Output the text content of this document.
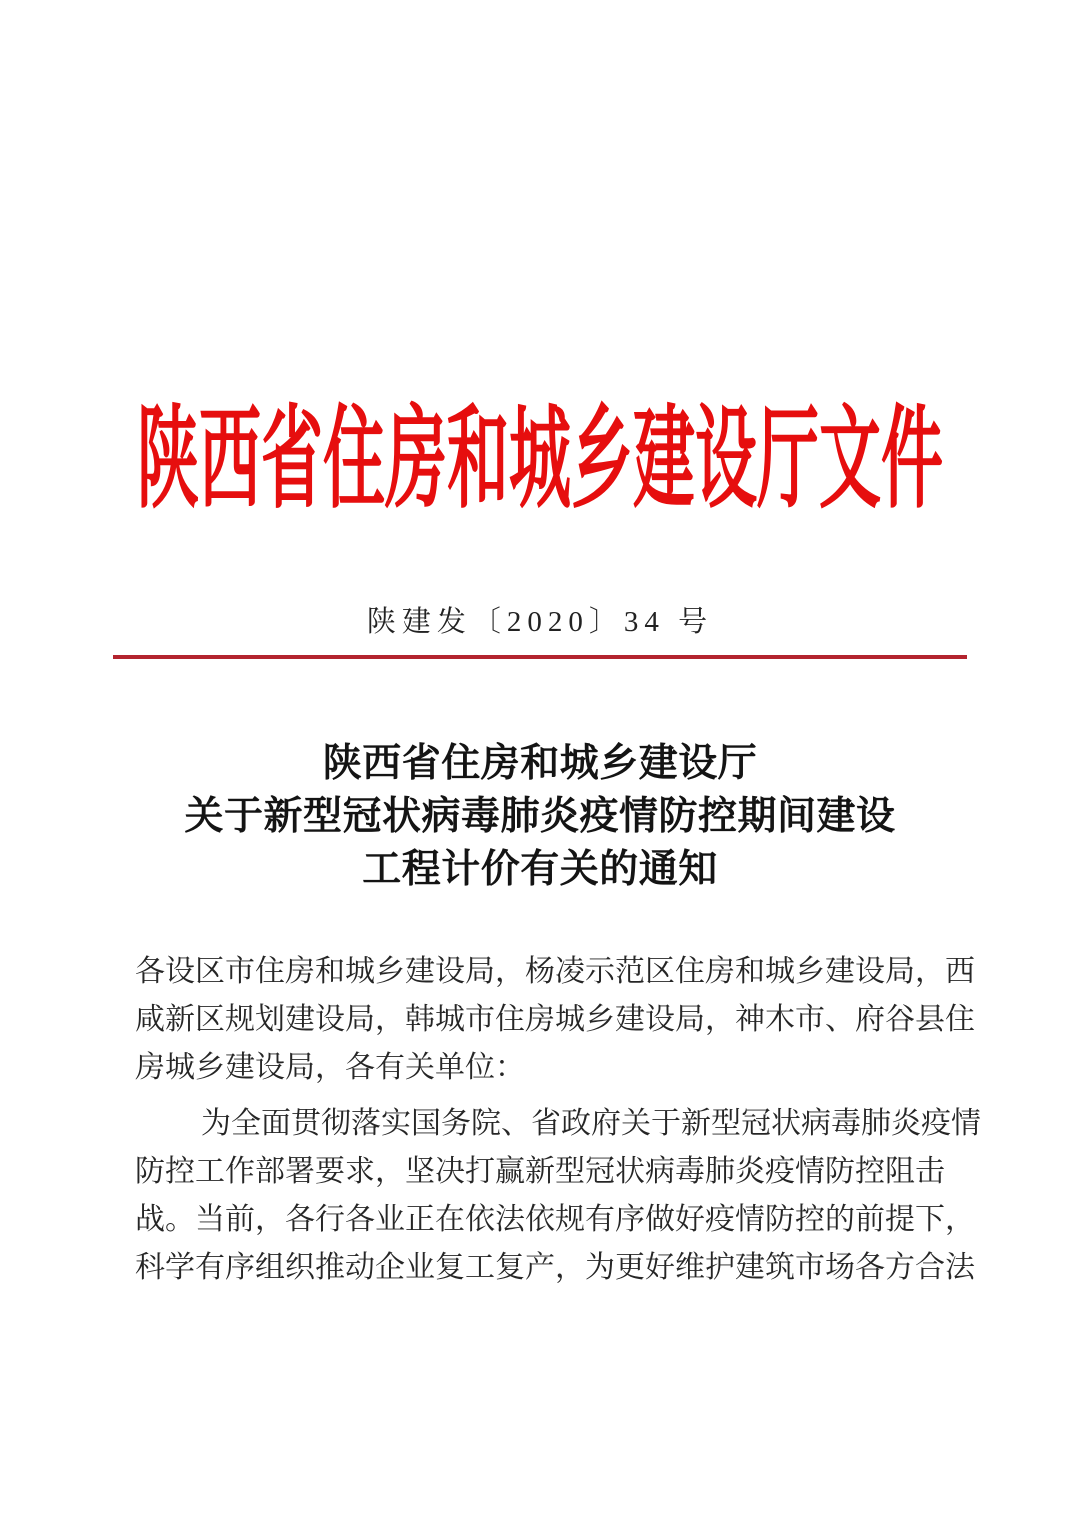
陕西省住房和城乡建设厅文件
陕建发〔2020〕34 号
陕西省住房和城乡建设厅
关于新型冠状病毒肺炎疫情防控期间建设
工程计价有关的通知
各设区市住房和城乡建设局，杨凌示范区住房和城乡建设局，西
咸新区规划建设局，韩城市住房城乡建设局，神木市、府谷县住
房城乡建设局，各有关单位：
为全面贯彻落实国务院、省政府关于新型冠状病毒肺炎疫情
防控工作部署要求，坚决打赢新型冠状病毒肺炎疫情防控阻击
战。当前，各行各业正在依法依规有序做好疫情防控的前提下，
科学有序组织推动企业复工复产，为更好维护建筑市场各方合法
